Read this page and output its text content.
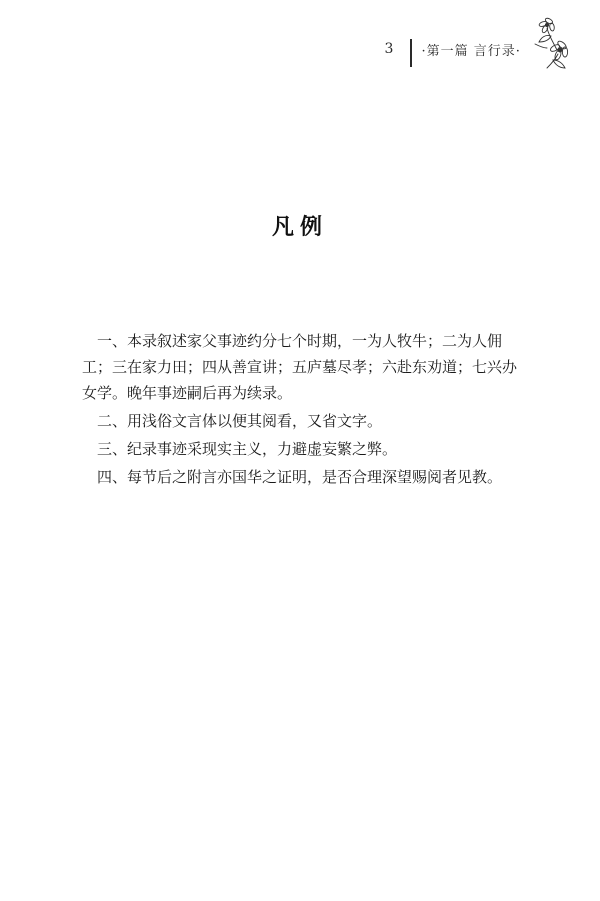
3	·第一篇 言行录·
凡例

一、本录叙述家父事迹约分七个时期，一为人牧牛；二为人佣工；三在家力田；四从善宣讲；五庐墓尽孝；六赴东劝道；七兴办女学。晚年事迹嗣后再为续录。

二、用浅俗文言体以便其阅看，又省文字。

三、纪录事迹采现实主义，力避虚妄繁之弊。

四、每节后之附言亦国华之证明，是否合理深望赐阅者见教。
